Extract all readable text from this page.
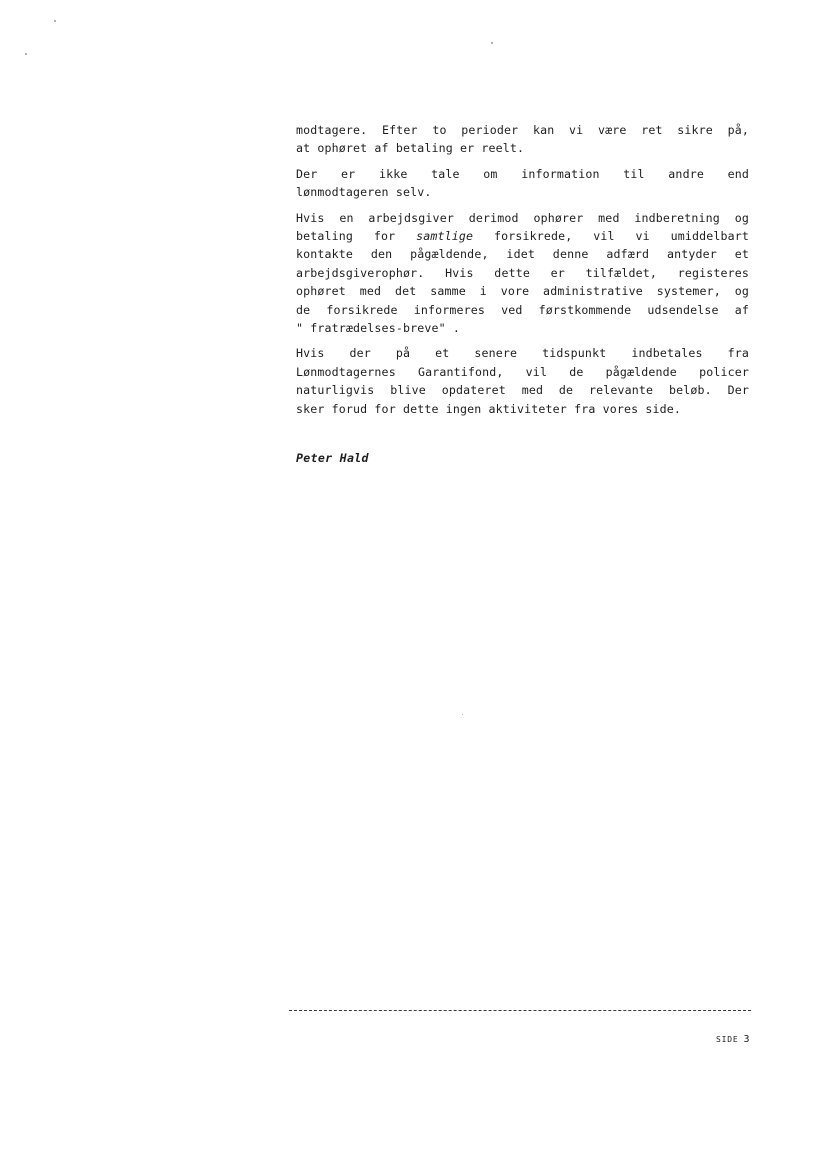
modtagere. Efter to perioder kan vi være ret sikre på,
at ophøret af betaling er reelt.
Der er ikke tale om information til andre end
lønmodtageren selv.
Hvis en arbejdsgiver derimod ophører med indberetning og
betaling for samtlige forsikrede, vil vi umiddelbart
kontakte den pågældende, idet denne adfærd antyder et
arbejdsgiverophør. Hvis dette er tilfældet, registeres
ophøret med det samme i vore administrative systemer, og
de forsikrede informeres ved førstkommende udsendelse af
" fratrædelses-breve" .
Hvis der på et senere tidspunkt indbetales fra
Lønmodtagernes Garantifond, vil de pågældende policer
naturligvis blive opdateret med de relevante beløb. Der
sker forud for dette ingen aktiviteter fra vores side.
Peter Hald
SIDE 3
